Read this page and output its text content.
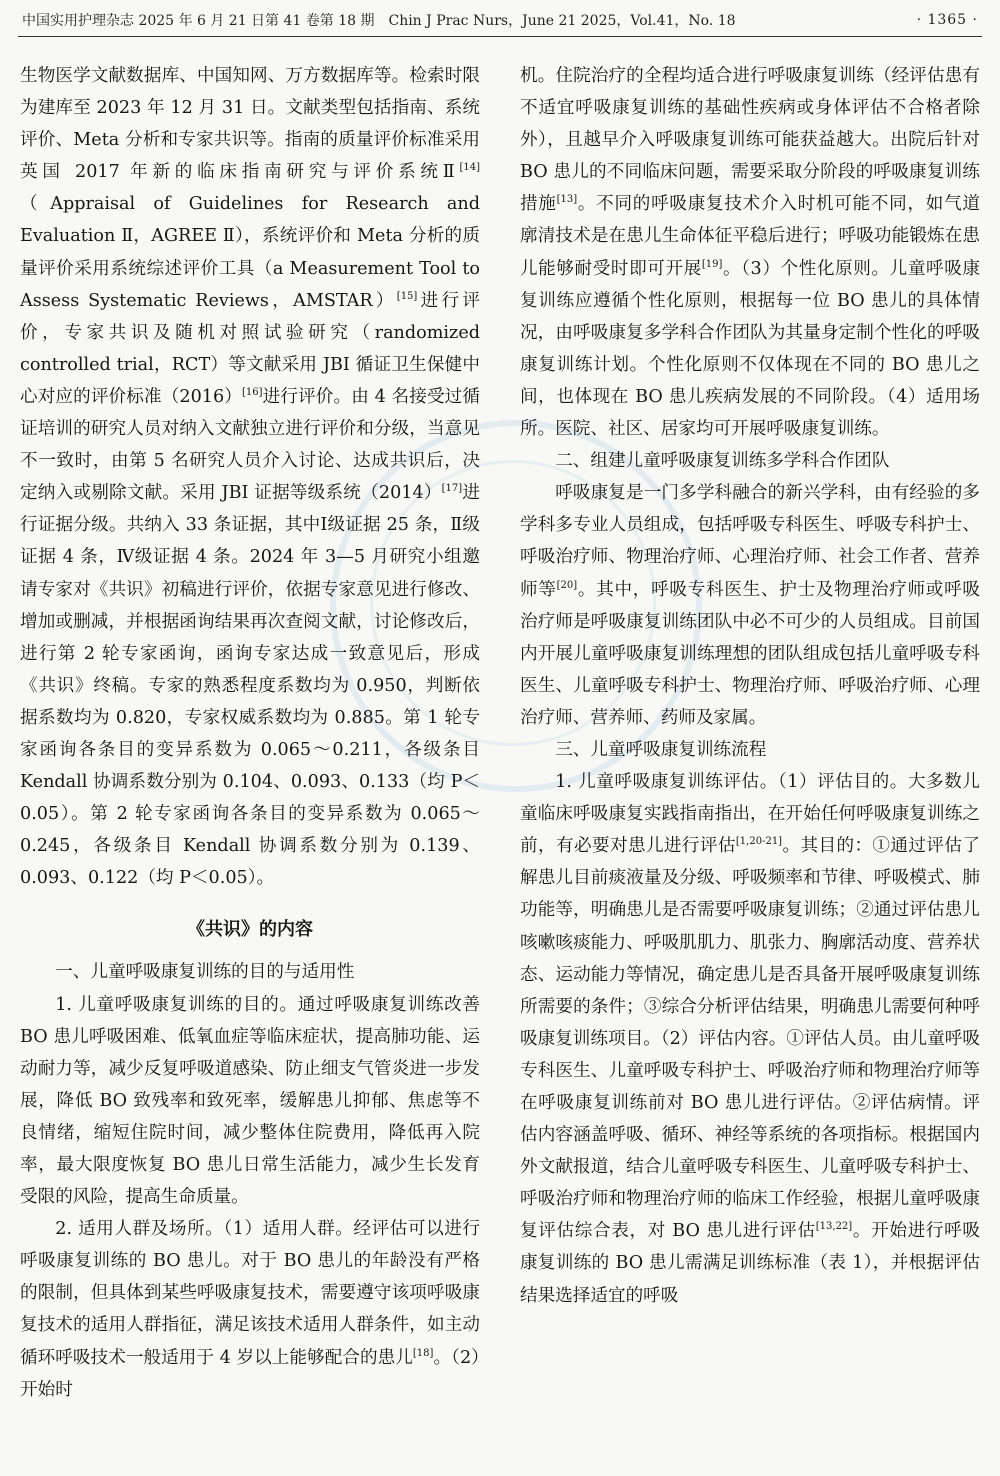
中国实用护理杂志 2025 年 6 月 21 日第 41 卷第 18 期　Chin J Prac Nurs，June 21 2025，Vol.41，No. 18	· 1365 ·

生物医学文献数据库、中国知网、万方数据库等。检索时限为建库至 2023 年 12 月 31 日。文献类型包括指南、系统评价、Meta 分析和专家共识等。指南的质量评价标准采用英国 2017 年新的临床指南研究与评价系统Ⅱ[14]（Appraisal of Guidelines for Research and Evaluation Ⅱ，AGREE Ⅱ），系统评价和 Meta 分析的质量评价采用系统综述评价工具（a Measurement Tool to Assess Systematic Reviews，AMSTAR）[15]进行评价，专家共识及随机对照试验研究（randomized controlled trial，RCT）等文献采用 JBI 循证卫生保健中心对应的评价标准（2016）[16]进行评价。由 4 名接受过循证培训的研究人员对纳入文献独立进行评价和分级，当意见不一致时，由第 5 名研究人员介入讨论、达成共识后，决定纳入或剔除文献。采用 JBI 证据等级系统（2014）[17]进行证据分级。共纳入 33 条证据，其中Ⅰ级证据 25 条，Ⅱ级证据 4 条，Ⅳ级证据 4 条。2024 年 3—5 月研究小组邀请专家对《共识》初稿进行评价，依据专家意见进行修改、增加或删减，并根据函询结果再次查阅文献，讨论修改后，进行第 2 轮专家函询，函询专家达成一致意见后，形成《共识》终稿。专家的熟悉程度系数均为 0.950，判断依据系数均为 0.820，专家权威系数均为 0.885。第 1 轮专家函询各条目的变异系数为 0.065～0.211，各级条目 Kendall 协调系数分别为 0.104、0.093、0.133（均 P＜0.05）。第 2 轮专家函询各条目的变异系数为 0.065～0.245，各级条目 Kendall 协调系数分别为 0.139、0.093、0.122（均 P＜0.05）。

《共识》的内容

一、儿童呼吸康复训练的目的与适用性

1. 儿童呼吸康复训练的目的。通过呼吸康复训练改善 BO 患儿呼吸困难、低氧血症等临床症状，提高肺功能、运动耐力等，减少反复呼吸道感染、防止细支气管炎进一步发展，降低 BO 致残率和致死率，缓解患儿抑郁、焦虑等不良情绪，缩短住院时间，减少整体住院费用，降低再入院率，最大限度恢复 BO 患儿日常生活能力，减少生长发育受限的风险，提高生命质量。

2. 适用人群及场所。（1）适用人群。经评估可以进行呼吸康复训练的 BO 患儿。对于 BO 患儿的年龄没有严格的限制，但具体到某些呼吸康复技术，需要遵守该项呼吸康复技术的适用人群指征，满足该技术适用人群条件，如主动循环呼吸技术一般适用于 4 岁以上能够配合的患儿[18]。（2）开始时

机。住院治疗的全程均适合进行呼吸康复训练（经评估患有不适宜呼吸康复训练的基础性疾病或身体评估不合格者除外），且越早介入呼吸康复训练可能获益越大。出院后针对 BO 患儿的不同临床问题，需要采取分阶段的呼吸康复训练措施[13]。不同的呼吸康复技术介入时机可能不同，如气道廓清技术是在患儿生命体征平稳后进行；呼吸功能锻炼在患儿能够耐受时即可开展[19]。（3）个性化原则。儿童呼吸康复训练应遵循个性化原则，根据每一位 BO 患儿的具体情况，由呼吸康复多学科合作团队为其量身定制个性化的呼吸康复训练计划。个性化原则不仅体现在不同的 BO 患儿之间，也体现在 BO 患儿疾病发展的不同阶段。（4）适用场所。医院、社区、居家均可开展呼吸康复训练。

二、组建儿童呼吸康复训练多学科合作团队

呼吸康复是一门多学科融合的新兴学科，由有经验的多学科多专业人员组成，包括呼吸专科医生、呼吸专科护士、呼吸治疗师、物理治疗师、心理治疗师、社会工作者、营养师等[20]。其中，呼吸专科医生、护士及物理治疗师或呼吸治疗师是呼吸康复训练团队中必不可少的人员组成。目前国内开展儿童呼吸康复训练理想的团队组成包括儿童呼吸专科医生、儿童呼吸专科护士、物理治疗师、呼吸治疗师、心理治疗师、营养师、药师及家属。

三、儿童呼吸康复训练流程

1. 儿童呼吸康复训练评估。（1）评估目的。大多数儿童临床呼吸康复实践指南指出，在开始任何呼吸康复训练之前，有必要对患儿进行评估[1,20-21]。其目的：①通过评估了解患儿目前痰液量及分级、呼吸频率和节律、呼吸模式、肺功能等，明确患儿是否需要呼吸康复训练；②通过评估患儿咳嗽咳痰能力、呼吸肌肌力、肌张力、胸廓活动度、营养状态、运动能力等情况，确定患儿是否具备开展呼吸康复训练所需要的条件；③综合分析评估结果，明确患儿需要何种呼吸康复训练项目。（2）评估内容。①评估人员。由儿童呼吸专科医生、儿童呼吸专科护士、呼吸治疗师和物理治疗师等在呼吸康复训练前对 BO 患儿进行评估。②评估病情。评估内容涵盖呼吸、循环、神经等系统的各项指标。根据国内外文献报道，结合儿童呼吸专科医生、儿童呼吸专科护士、呼吸治疗师和物理治疗师的临床工作经验，根据儿童呼吸康复评估综合表，对 BO 患儿进行评估[13,22]。开始进行呼吸康复训练的 BO 患儿需满足训练标准（表 1），并根据评估结果选择适宜的呼吸
